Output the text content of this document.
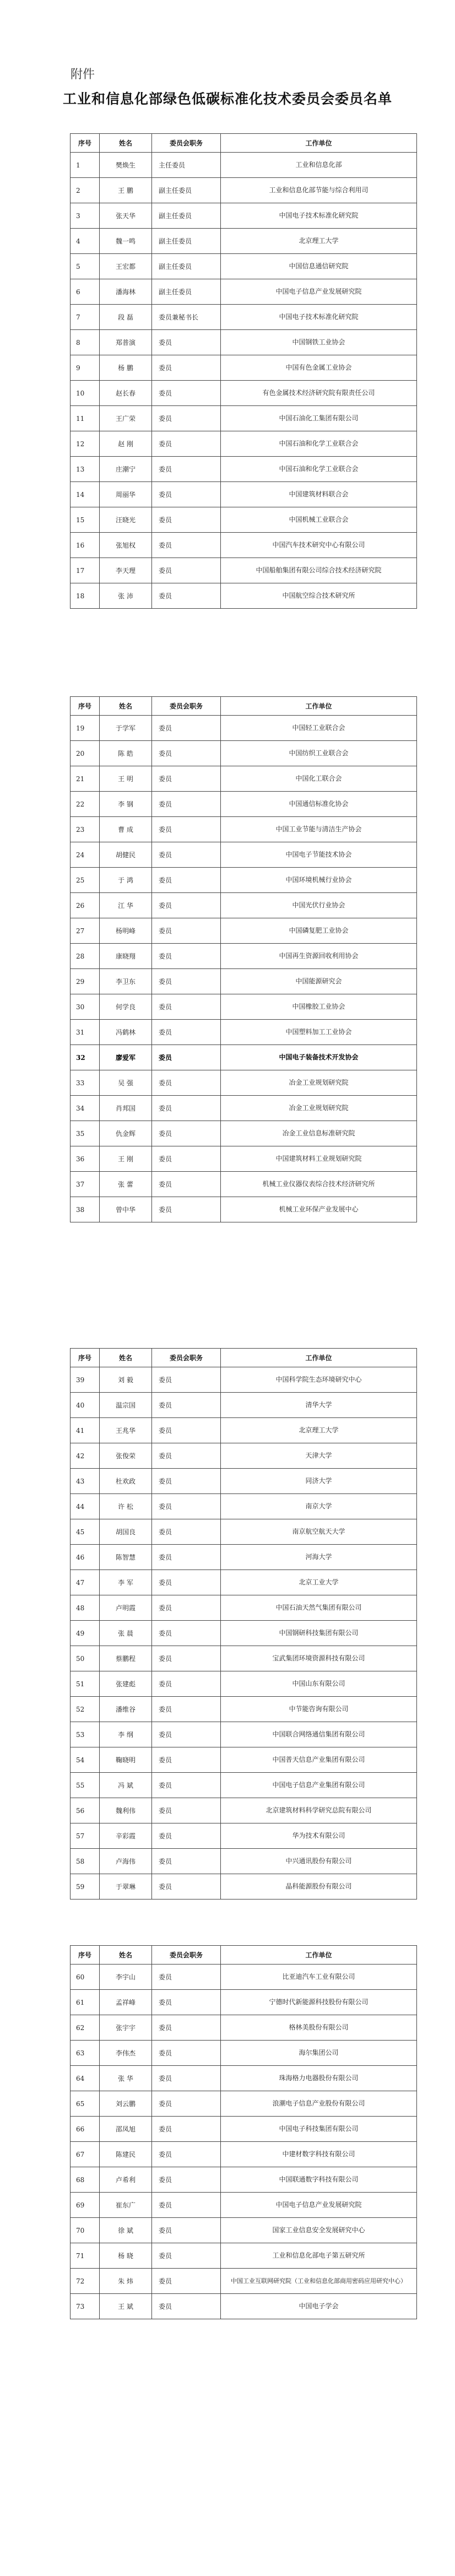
附件
工业和信息化部绿色低碳标准化技术委员会委员名单
序号	姓名	委员会职务	工作单位
1	樊焕生	主任委员	工业和信息化部
2	王 鹏	副主任委员	工业和信息化部节能与综合利用司
3	张天华	副主任委员	中国电子技术标准化研究院
4	魏一鸣	副主任委员	北京理工大学
5	王宏都	副主任委员	中国信息通信研究院
6	潘海林	副主任委员	中国电子信息产业发展研究院
7	段 磊	委员兼秘书长	中国电子技术标准化研究院
8	郑普演	委员	中国钢铁工业协会
9	杨 鹏	委员	中国有色金属工业协会
10	赵长春	委员	有色金属技术经济研究院有限责任公司
11	王广荣	委员	中国石油化工集团有限公司
12	赵 刚	委员	中国石油和化学工业联合会
13	庄潮宁	委员	中国石油和化学工业联合会
14	周丽华	委员	中国建筑材料联合会
15	汪晓光	委员	中国机械工业联合会
16	张旭权	委员	中国汽车技术研究中心有限公司
17	李天理	委员	中国船舶集团有限公司综合技术经济研究院
18	张 沛	委员	中国航空综合技术研究所
序号	姓名	委员会职务	工作单位
19	于学军	委员	中国轻工业联合会
20	陈 皓	委员	中国纺织工业联合会
21	王 明	委员	中国化工联合会
22	李 钢	委员	中国通信标准化协会
23	曹 成	委员	中国工业节能与清洁生产协会
24	胡健民	委员	中国电子节能技术协会
25	于 鸿	委员	中国环境机械行业协会
26	江 华	委员	中国光伏行业协会
27	杨明峰	委员	中国磷复肥工业协会
28	康晓翔	委员	中国再生资源回收利用协会
29	李卫东	委员	中国能源研究会
30	何学良	委员	中国橡胶工业协会
31	冯鹤林	委员	中国塑料加工工业协会
32	廖爱军	委员	中国电子装备技术开发协会
33	吴 强	委员	冶金工业规划研究院
34	肖邦国	委员	冶金工业规划研究院
35	仇金辉	委员	冶金工业信息标准研究院
36	王 刚	委员	中国建筑材料工业规划研究院
37	张 蕾	委员	机械工业仪器仪表综合技术经济研究所
38	曾中华	委员	机械工业环保产业发展中心
序号	姓名	委员会职务	工作单位
39	刘 毅	委员	中国科学院生态环境研究中心
40	温宗国	委员	清华大学
41	王兆华	委员	北京理工大学
42	张俊荣	委员	天津大学
43	杜欢政	委员	同济大学
44	许 松	委员	南京大学
45	胡国良	委员	南京航空航天大学
46	陈智慧	委员	河海大学
47	李 军	委员	北京工业大学
48	卢明霞	委员	中国石油天然气集团有限公司
49	张 晨	委员	中国钢研科技集团有限公司
50	蔡鹏程	委员	宝武集团环境资源科技有限公司
51	张建彪	委员	中国山东有限公司
52	潘维谷	委员	中节能咨询有限公司
53	李 纲	委员	中国联合网络通信集团有限公司
54	鞠晓明	委员	中国普天信息产业集团有限公司
55	冯 斌	委员	中国电子信息产业集团有限公司
56	魏利伟	委员	北京建筑材料科学研究总院有限公司
57	辛彩霞	委员	华为技术有限公司
58	卢海伟	委员	中兴通讯股份有限公司
59	于翠琳	委员	晶科能源股份有限公司
序号	姓名	委员会职务	工作单位
60	李宇山	委员	比亚迪汽车工业有限公司
61	孟祥峰	委员	宁德时代新能源科技股份有限公司
62	张宇宇	委员	格林美股份有限公司
63	李伟杰	委员	海尔集团公司
64	张 华	委员	珠海格力电器股份有限公司
65	刘云鹏	委员	浪潮电子信息产业股份有限公司
66	邵凤旭	委员	中国电子科技集团有限公司
67	陈建民	委员	中建材数字科技有限公司
68	卢希利	委员	中国联通数字科技有限公司
69	崔东广	委员	中国电子信息产业发展研究院
70	徐 斌	委员	国家工业信息安全发展研究中心
71	杨 晓	委员	工业和信息化部电子第五研究所
72	朱 炜	委员	中国工业互联网研究院（工业和信息化部商用密码应用研究中心）
73	王 斌	委员	中国电子学会
